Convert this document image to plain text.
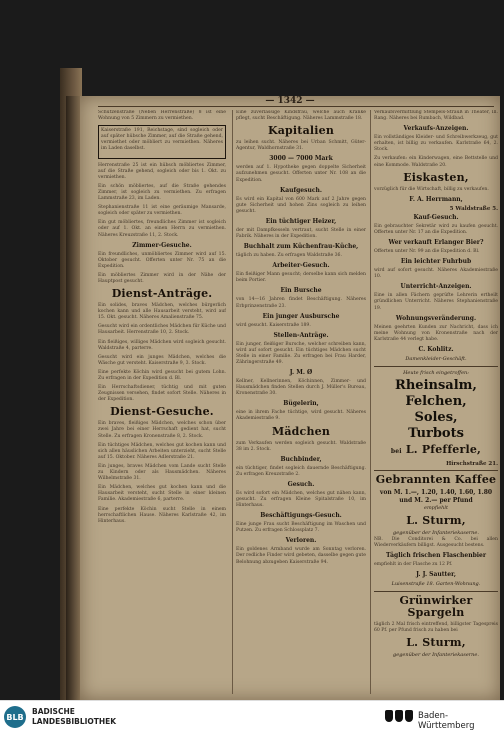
— 1342 —

Schützenstraße (Neben Herrenstraße) 8 ist eine Wohnung von 5 Zimmern zu vermiethen.

Kaiserstraße 191, Reichstage, sind sogleich oder auf später hübsche Zimmer, auf die Straße gehend, vermiethet oder möbliert zu vermiethen. Näheres im Laden daselbst.

Herrenstraße 25 ist ein hübsch möbliertes Zimmer, auf die Straße gehend, sogleich oder bis 1. Okt. zu vermiethen.

Ein schön möbliertes, auf die Straße gehendes Zimmer, ist sogleich zu vermiethen. Zu erfragen Lammstraße 23, im Laden.

Stephanienstraße 11 ist eine geräumige Mansarde, sogleich oder später zu vermiethen.

Ein gut möbliertes, freundliches Zimmer ist sogleich oder auf 1. Okt. an einen Herrn zu vermiethen. Näheres Kreuzstraße 11, 2. Stock.

Zimmer-Gesuche.

Ein freundliches, unmöbliertes Zimmer wird auf 15. Oktober gesucht. Offerten unter Nr. 75 an die Expedition.

Ein möbliertes Zimmer wird in der Nähe der Hauptpost gesucht.

Dienst-Anträge.

Ein solides, braves Mädchen, welches bürgerlich kochen kann und alle Hausarbeit versteht, wird auf 15. Okt. gesucht. Näheres Amalienstraße 75.

Gesucht wird ein ordentliches Mädchen für Küche und Hausarbeit. Herrenstraße 10, 2. Stock.

Ein fleißiges, williges Mädchen wird sogleich gesucht. Waldstraße 4, parterre.

Gesucht wird ein junges Mädchen, welches die Wäsche gut versteht. Kaiserstraße 9, 3. Stock.

Eine perfekte Köchin wird gesucht bei gutem Lohn. Zu erfragen in der Expedition d. Bl.

Ein Herrschaftsdiener, tüchtig und mit guten Zeugnissen versehen, findet sofort Stelle. Näheres in der Expedition.

Dienst-Gesuche.

Ein braves, fleißiges Mädchen, welches schon über zwei Jahre bei einer Herrschaft gedient hat, sucht Stelle. Zu erfragen Kronenstraße 8, 2. Stock.

Ein tüchtiges Mädchen, welches gut kochen kann und sich allen häuslichen Arbeiten unterzieht, sucht Stelle auf 15. Oktober. Näheres Adlerstraße 21.

Ein junges, braves Mädchen vom Lande sucht Stelle zu Kindern oder als Hausmädchen. Näheres Wilhelmstraße 31.

Ein Mädchen, welches gut kochen kann und die Hausarbeit versteht, sucht Stelle in einer kleinen Familie. Akademiestraße 6, parterre.

Eine perfekte Köchin sucht Stelle in einem herrschaftlichen Hause. Näheres Karlstraße 42, im Hinterhaus.

Eine zuverlässige Kindsfrau, welche auch Kranke pflegt, sucht Beschäftigung. Näheres Lammstraße 18.

Kapitalien

zu leihen sucht. Näheres bei Urban Schmitt, Güter-Agentur, Waldhornstraße 31.

3000 — 7000 Mark

werden auf 1. Hypotheke gegen doppelte Sicherheit aufzunehmen gesucht. Offerten unter Nr. 108 an die Expedition.

Kaufgesuch.

Es wird ein Kapital von 600 Mark auf 2 Jahre gegen gute Sicherheit und hohen Zins sogleich zu leihen gesucht.

Ein tüchtiger Heizer,

der mit Dampfkesseln vertraut, sucht Stelle in einer Fabrik. Näheres in der Expedition.

Buchhalt zum Küchenfrau-Küche,

täglich zu haben. Zu erfragen Waldstraße 36.

Arbeiter-Gesuch.

Ein fleißiger Mann gesucht; derselbe kann sich melden beim Portier.

Ein Bursche

von 14—16 Jahren findet Beschäftigung. Näheres Erbprinzenstraße 23.

Ein junger Ausbursche

wird gesucht. Kaiserstraße 189.

Stellen-Anträge.

Ein junger, fleißiger Bursche, welcher schreiben kann, wird auf sofort gesucht. Ein tüchtiges Mädchen sucht Stelle in einer Familie. Zu erfragen bei Frau Harder, Zähringerstraße 49.

J. M. Ø

Kellner, Kellnerinnen, Köchinnen, Zimmer- und Hausmädchen finden Stellen durch J. Müller's Bureau, Kronenstraße 30.

Bügelerin,

eine in ihrem Fache tüchtige, wird gesucht. Näheres Akademiestraße 9.

Mädchen

zum Verkaufen werden sogleich gesucht. Waldstraße 38 im 2. Stock.

Buchbinder,

ein tüchtiger, findet sogleich dauernde Beschäftigung. Zu erfragen Kreuzstraße 2.

Gesuch.

Es wird sofort ein Mädchen, welches gut nähen kann, gesucht. Zu erfragen Kleine Spitalstraße 10, im Hinterhaus.

Beschäftigungs-Gesuch.

Eine junge Frau sucht Beschäftigung im Waschen und Putzen. Zu erfragen Schlossplatz 7.

Verloren.

Ein goldenes Armband wurde am Sonntag verloren. Der redliche Finder wird gebeten, dasselbe gegen gute Belohnung abzugeben Kaiserstraße 94.

Verkaufsvermittlung Stempels-Strauß in Theater, Ill. Rang. Näheres bei Rumbach, Wildbad.

Verkaufs-Anzeigen.

Ein vollständiges Kleider- und Schreibwerkzeug, gut erhalten, ist billig zu verkaufen. Karlstraße 64, 2. Stock.

Zu verkaufen: ein Kinderwagen, eine Bettstelle und eine Kommode. Waldstraße 20.

Eiskasten,

vorzüglich für die Wirtschaft, billig zu verkaufen.

F. A. Herrmann,
5 Waldstraße 5.
Kauf-Gesuch.

Ein gebrauchter Sekretär wird zu kaufen gesucht. Offerten unter Nr. 17 an die Expedition.

Wer verkauft Erlanger Bier?

Offerten unter Nr. 99 an die Expedition d. Bl.

Ein leichter Fuhrbub

wird auf sofort gesucht. Näheres Akademiestraße 10.

Unterricht-Anzeigen.

Eine in allen Fächern geprüfte Lehrerin ertheilt gründlichen Unterricht. Näheres Stephanienstraße 19.

Wohnungsveränderung.

Meinen geehrten Kunden zur Nachricht, dass ich meine Wohnung von Kronenstraße nach der Karlstraße 44 verlegt habe.

C. Kohlitz.
Damenkleider-Geschäft.
Heute frisch eingetroffen:
Rheinsalm,
Felchen,
Soles,
Turbots
bei L. Pfefferle,
Hirschstraße 21.
Gebrannten Kaffee
von M. 1.—, 1.20, 1.40, 1.60, 1.80
und M. 2.— per Pfund
empfiehlt
L. Sturm,
gegenüber der Infanteriekaserne.

NB. Die Conditorei & Co. bei allen Wiederverkäufern billigst. Ausgesucht bestens.

Täglich frischen Flaschenbier

empfiehlt in der Flasche zu 12 Pf.

J. J. Sautter,
Luisenstraße 18. Garten-Wohnung.
Grünwirker Spargeln

täglich 2 Mal frisch eintreffend, billigster Tagespreis 60 Pf. per Pfund frisch zu haben bei

L. Sturm,
gegenüber der Infanteriekaserne.
BLB
BADISCHE
LANDESBIBLIOTHEK
Baden-Württemberg
